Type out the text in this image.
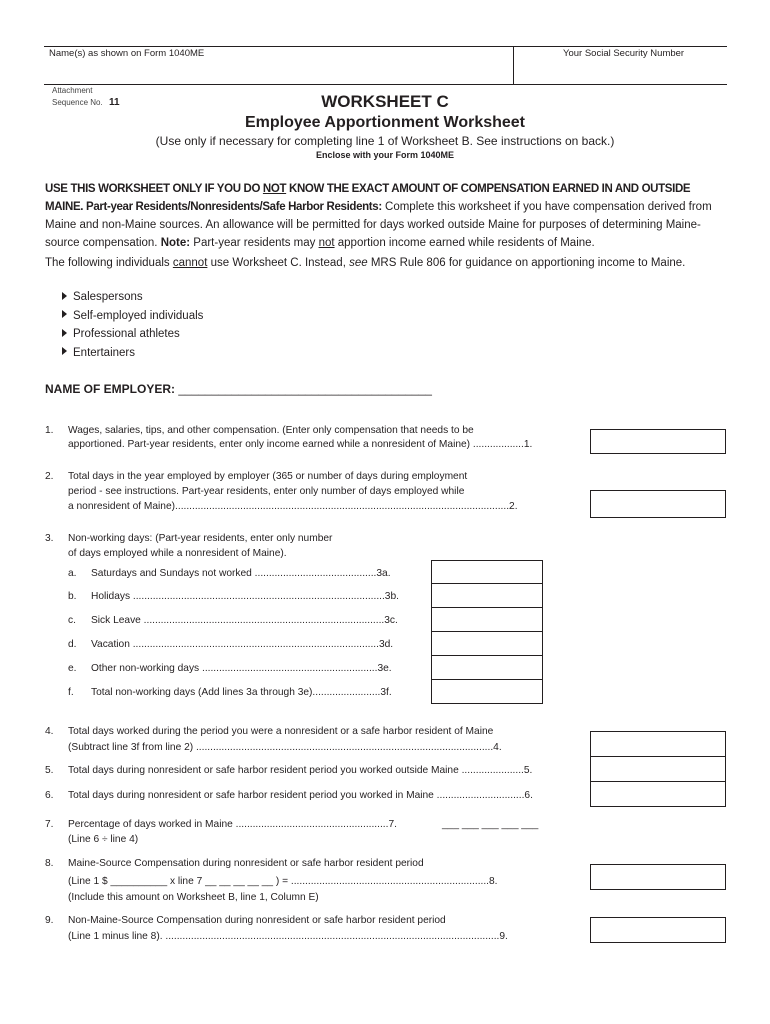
Name(s) as shown on Form 1040ME	Your Social Security Number
Attachment
Sequence No. 11	WORKSHEET C
Employee Apportionment Worksheet
(Use only if necessary for completing line 1 of Worksheet B. See instructions on back.)
Enclose with your Form 1040ME
USE THIS WORKSHEET ONLY IF YOU DO NOT KNOW THE EXACT AMOUNT OF COMPENSATION EARNED IN AND OUTSIDE MAINE. Part-year Residents/Nonresidents/Safe Harbor Residents: Complete this worksheet if you have compensation derived from Maine and non-Maine sources. An allowance will be permitted for days worked outside Maine for purposes of determining Maine-source compensation. Note: Part-year residents may not apportion income earned while residents of Maine.
The following individuals cannot use Worksheet C. Instead, see MRS Rule 806 for guidance on apportioning income to Maine.
Salespersons
Self-employed individuals
Professional athletes
Entertainers
NAME OF EMPLOYER: ______________________________________
1. Wages, salaries, tips, and other compensation. (Enter only compensation that needs to be
apportioned. Part-year residents, enter only income earned while a nonresident of Maine) ..................1.
2. Total days in the year employed by employer (365 or number of days during employment
period - see instructions. Part-year residents, enter only number of days employed while
a nonresident of Maine)......................................................................................................................2.
3. Non-working days: (Part-year residents, enter only number
of days employed while a nonresident of Maine).
a. Saturdays and Sundays not worked ...........................................3a.
b. Holidays .........................................................................................3b.
c. Sick Leave .....................................................................................3c.
d. Vacation .......................................................................................3d.
e. Other non-working days ..............................................................3e.
f. Total non-working days (Add lines 3a through 3e)........................3f.
4. Total days worked during the period you were a nonresident or a safe harbor resident of Maine
(Subtract line 3f from line 2) .........................................................................................................4.
5. Total days during nonresident or safe harbor resident period you worked outside Maine ......................5.
6. Total days during nonresident or safe harbor resident period you worked in Maine ...............................6.
7. Percentage of days worked in Maine ......................................................7.	___ ___ ___ ___ ___
(Line 6 ÷ line 4)
8. Maine-Source Compensation during nonresident or safe harbor resident period
(Line 1 $ __________ x line 7 __ __ __ __ __ ) = ......................................................................8.
(Include this amount on Worksheet B, line 1, Column E)
9. Non-Maine-Source Compensation during nonresident or safe harbor resident period
(Line 1 minus line 8). ......................................................................................................................9.
